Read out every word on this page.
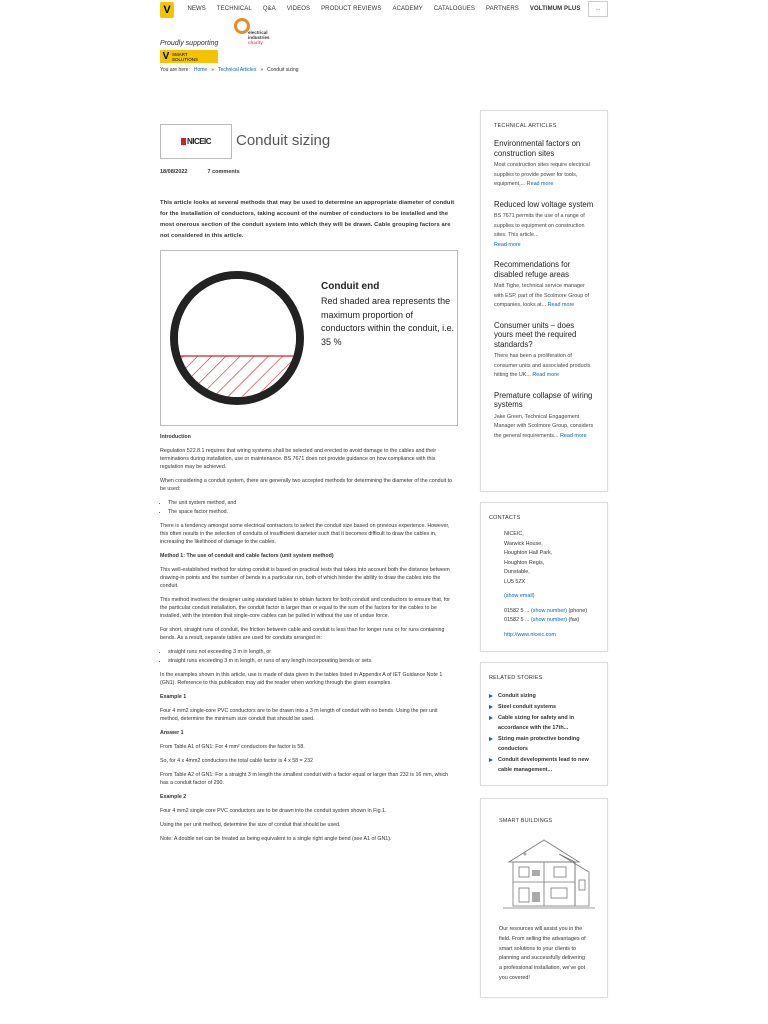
V	NEWS	TECHNICAL	Q&A	VIDEOS	PRODUCT REVIEWS	ACADEMY	CATALOGUES	PARTNERS	VOLTIMUM PLUS	...
Proudly supporting
electrical
industries
charity
V SMART
SOLUTIONS
You are here: Home » Technical Articles » Conduit sizing
NICEIC Conduit sizing
18/08/2022	7 comments
This article looks at several methods that may be used to determine an appropriate diameter of conduit for the installation of conductors, taking account of the number of conductors to be installed and the most onerous section of the conduit system into which they will be drawn. Cable grouping factors are not considered in this article.
Conduit end
Red shaded area represents the maximum proportion of conductors within the conduit, i.e. 35 %

Introduction

Regulation 522.8.1 requires that wiring systems shall be selected and erected to avoid damage to the cables and their terminations during installation, use or maintenance. BS 7671 does not provide guidance on how compliance with this regulation may be achieved.

When considering a conduit system, there are generally two accepted methods for determining the diameter of the conduit to be used:

• The unit system method, and
• The space factor method.

There is a tendency amongst some electrical contractors to select the conduit size based on previous experience. However, this often results in the selection of conduits of insufficient diameter such that it becomes difficult to draw the cables in, increasing the likelihood of damage to the cables.

Method 1: The use of conduit and cable factors (unit system method)

This well-established method for sizing conduit is based on practical tests that takes into account both the distance between drawing-in points and the number of bends in a particular run, both of which hinder the ability to draw the cables into the conduit.

This method involves the designer using standard tables to obtain factors for both conduit and conductors to ensure that, for the particular conduit installation, the conduit factor is larger than or equal to the sum of the factors for the cables to be installed, with the intention that single-core cables can be pulled in without the use of undue force.

For short, straight runs of conduit, the friction between cable and conduit is less than for longer runs or for runs containing bends. As a result, separate tables are used for conduits arranged in:

• straight runs not exceeding 3 m in length, or
• straight runs exceeding 3 m in length, or runs of any length incorporating bends or sets.

In the examples shown in this article, use is made of data given in the tables listed in Appendix A of IET Guidance Note 1 (GN1). Reference to this publication may aid the reader when working through the given examples.

Example 1

Four 4 mm2 single-core PVC conductors are to be drawn into a 3 m length of conduit with no bends. Using the per unit method, determine the minimum size conduit that should be used.

Answer 1

From Table A1 of GN1: For 4 mm² conductors the factor is 58.

So, for 4 x 4mm2 conductors the total cable factor is 4 x 58 = 232

From Table A2 of GN1: For a straight 3 m length the smallest conduit with a factor equal or larger than 232 is 16 mm, which has a conduit factor of 290.

Example 2

Four 4 mm2 single core PVC conductors are to be drawn into the conduit system shown in Fig 1.

Using the per unit method, determine the size of conduit that should be used.

Note: A double set can be treated as being equivalent to a single right angle bend (see A1 of GN1).

TECHNICAL ARTICLES
Environmental factors on construction sites

Most construction sites require electrical supplies to provide power for tools, equipment,... Read more

Reduced low voltage system

BS 7671 permits the use of a range of supplies to equipment on construction sites. This article...
Read more

Recommendations for disabled refuge areas

Matt Tighe, technical service manager with ESP, part of the Scolmore Group of companies, looks at... Read more

Consumer units – does yours meet the required standards?

There has been a proliferation of consumer units and associated products hitting the UK... Read more

Premature collapse of wiring systems

Jake Green, Technical Engagement Manager with Scolmore Group, considers the general requirements... Read more

CONTACTS
NICEIC,
Warwick House,
Houghton Hall Park,
Houghton Regis,
Dunstable,
LU5 5ZX
(show email)
01582 5 ... (show number) (phone)
01582 5 ... (show number) (fax)
http://www.niceic.com
RELATED STORIES
Conduit sizing
Steel conduit systems
Cable sizing for safety and in accordance with the 17th...
Sizing main protective bonding conductors
Conduit developments lead to new cable management...
SMART BUILDINGS

Our resources will assist you in the field. From selling the advantages of smart solutions to your clients to planning and successfully delivering a professional installation, we've got you covered!
